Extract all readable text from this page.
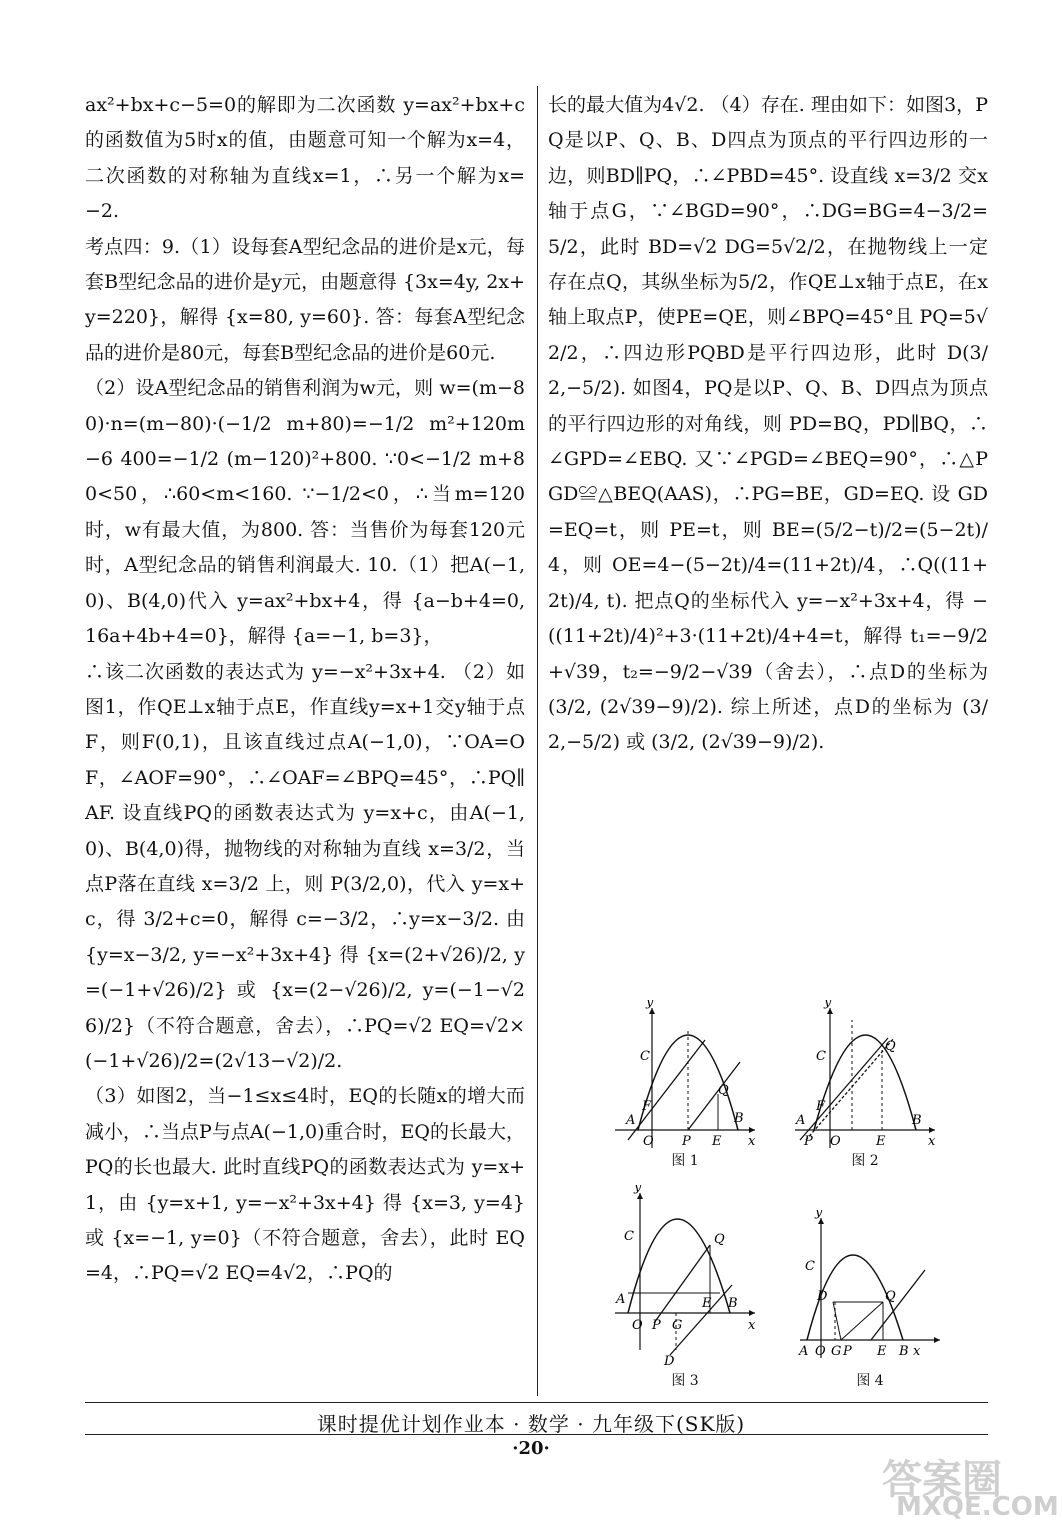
ax²+bx+c−5=0的解即为二次函数 y=ax²+bx+c 的函数值为5时x的值，由题意可知一个解为x=4，二次函数的对称轴为直线x=1，∴另一个解为x=−2.

考点四：9.（1）设每套A型纪念品的进价是x元，每套B型纪念品的进价是y元，由题意得 {3x=4y, 2x+y=220}，解得 {x=80, y=60}. 答：每套A型纪念品的进价是80元，每套B型纪念品的进价是60元.

（2）设A型纪念品的销售利润为w元，则 w=(m−80)·n=(m−80)·(−1/2 m+80)=−1/2 m²+120m−6 400=−1/2 (m−120)²+800. ∵0<−1/2 m+80<50，∴60<m<160. ∵−1/2<0，∴当m=120时，w有最大值，为800. 答：当售价为每套120元时，A型纪念品的销售利润最大. 10.（1）把A(−1,0)、B(4,0)代入 y=ax²+bx+4，得 {a−b+4=0, 16a+4b+4=0}，解得 {a=−1, b=3}，

∴该二次函数的表达式为 y=−x²+3x+4. （2）如图1，作QE⊥x轴于点E，作直线y=x+1交y轴于点F，则F(0,1)，且该直线过点A(−1,0)，∵OA=OF，∠AOF=90°，∴∠OAF=∠BPQ=45°，∴PQ∥AF. 设直线PQ的函数表达式为 y=x+c，由A(−1,0)、B(4,0)得，抛物线的对称轴为直线 x=3/2，当点P落在直线 x=3/2 上，则 P(3/2,0)，代入 y=x+c，得 3/2+c=0，解得 c=−3/2，∴y=x−3/2. 由 {y=x−3/2, y=−x²+3x+4} 得 {x=(2+√26)/2, y=(−1+√26)/2} 或 {x=(2−√26)/2, y=(−1−√26)/2}（不符合题意，舍去），∴PQ=√2 EQ=√2×(−1+√26)/2=(2√13−√2)/2.

（3）如图2，当−1≤x≤4时，EQ的长随x的增大而减小，∴当点P与点A(−1,0)重合时，EQ的长最大，PQ的长也最大. 此时直线PQ的函数表达式为 y=x+1，由 {y=x+1, y=−x²+3x+4} 得 {x=3, y=4} 或 {x=−1, y=0}（不符合题意，舍去），此时 EQ=4，∴PQ=√2 EQ=4√2，∴PQ的

长的最大值为4√2. （4）存在. 理由如下：如图3，PQ是以P、Q、B、D四点为顶点的平行四边形的一边，则BD∥PQ，∴∠PBD=45°. 设直线 x=3/2 交x轴于点G，∵∠BGD=90°，∴DG=BG=4−3/2=5/2，此时 BD=√2 DG=5√2/2，在抛物线上一定存在点Q，其纵坐标为5/2，作QE⊥x轴于点E，在x轴上取点P，使PE=QE，则∠BPQ=45°且 PQ=5√2/2，∴四边形PQBD是平行四边形，此时 D(3/2,−5/2). 如图4，PQ是以P、Q、B、D四点为顶点的平行四边形的对角线，则 PD=BQ，PD∥BQ，∴∠GPD=∠EBQ. 又∵∠PGD=∠BEQ=90°，∴△PGD≌△BEQ(AAS)，∴PG=BE，GD=EQ. 设 GD=EQ=t，则 PE=t，则 BE=(5/2−t)/2=(5−2t)/4，则 OE=4−(5−2t)/4=(11+2t)/4，∴Q((11+2t)/4, t). 把点Q的坐标代入 y=−x²+3x+4，得 −((11+2t)/4)²+3·(11+2t)/4+4=t，解得 t₁=−9/2+√39，t₂=−9/2−√39（舍去），∴点D的坐标为 (3/2, (2√39−9)/2). 综上所述，点D的坐标为 (3/2,−5/2) 或 (3/2, (2√39−9)/2).

y
C
F
A
O P
Q
E
B
x
图 1
y
C
F
A
P O
Q
E
B
x
图 2
y
C	Q
A
O P G
E B
x
D
图 3
y
C
D	Q
A O G P E B x
图 4
课时提优计划作业本 · 数学 · 九年级下(SK版)
·20·
答案圈
MXQE.COM
